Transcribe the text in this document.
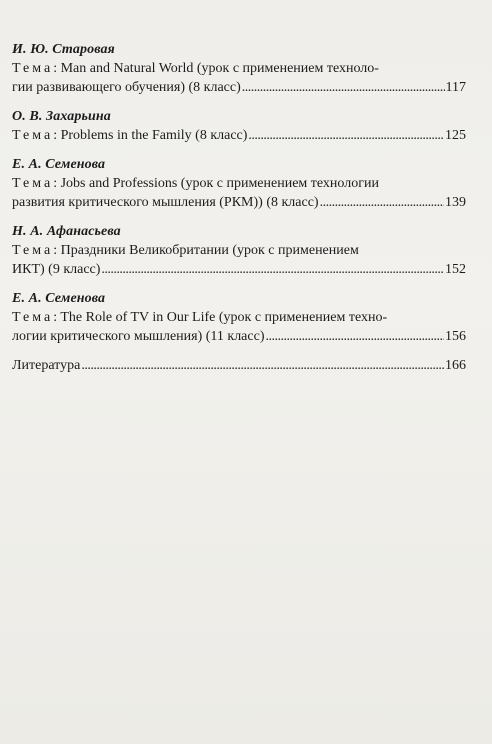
И. Ю. Старовая
Тема : Man and Natural World (урок с применением техноло-
гии развивающего обучения) (8 класс) . . .	117
О. В. Захарьина
Тема : Problems in the Family (8 класс) . . .	125
Е. А. Семенова
Тема : Jobs and Professions (урок с применением технологии
развития критического мышления (РКМ)) (8 класс) . . .	139
Н. А. Афанасьева
Тема : Праздники Великобритании (урок с применением
ИКТ) (9 класс) . . .	152
Е. А. Семенова
Тема : The Role of TV in Our Life (урок с применением техно-
логии критического мышления) (11 класс) . . .	156
Литература . . .	166
